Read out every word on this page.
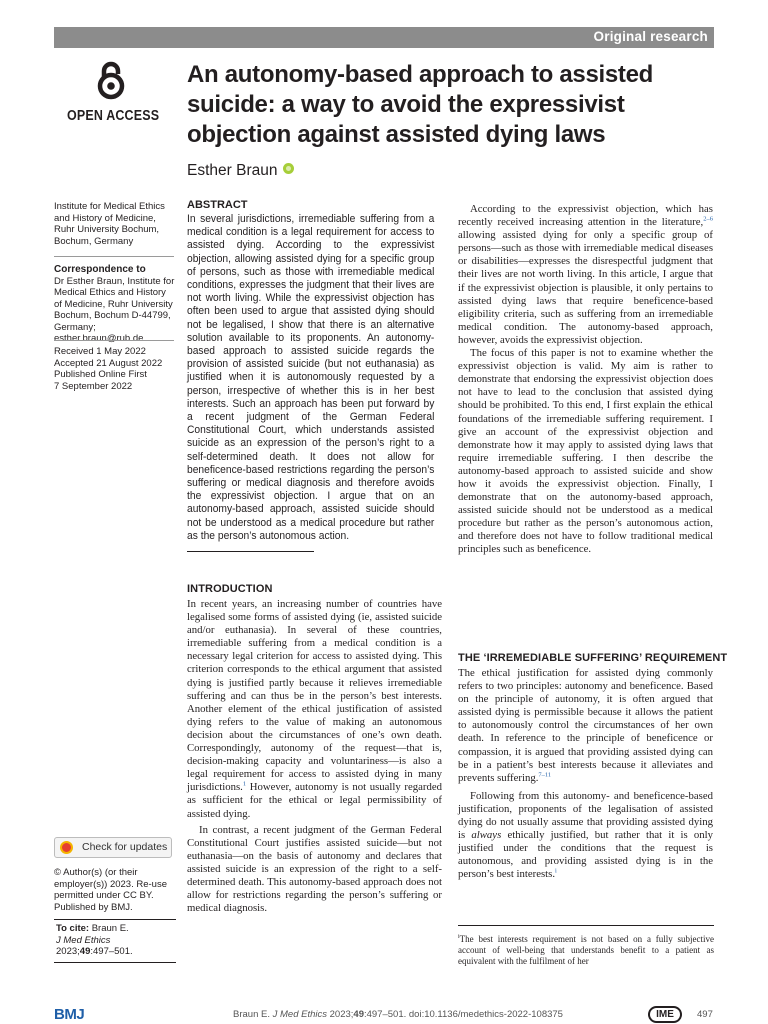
Original research
OPEN ACCESS
An autonomy-based approach to assisted suicide: a way to avoid the expressivist objection against assisted dying laws
Esther Braun
Institute for Medical Ethics and History of Medicine, Ruhr University Bochum, Bochum, Germany
Correspondence to
Dr Esther Braun, Institute for Medical Ethics and History of Medicine, Ruhr University Bochum, Bochum D-44799, Germany; esther.braun@rub.de
Received 1 May 2022
Accepted 21 August 2022
Published Online First
7 September 2022
Check for updates
© Author(s) (or their employer(s)) 2023. Re-use permitted under CC BY. Published by BMJ.
To cite: Braun E.
J Med Ethics
2023;49:497–501.
ABSTRACT
In several jurisdictions, irremediable suffering from a medical condition is a legal requirement for access to assisted dying. According to the expressivist objection, allowing assisted dying for a specific group of persons, such as those with irremediable medical conditions, expresses the judgment that their lives are not worth living. While the expressivist objection has often been used to argue that assisted dying should not be legalised, I show that there is an alternative solution available to its proponents. An autonomy-based approach to assisted suicide regards the provision of assisted suicide (but not euthanasia) as justified when it is autonomously requested by a person, irrespective of whether this is in her best interests. Such an approach has been put forward by a recent judgment of the German Federal Constitutional Court, which understands assisted suicide as an expression of the person’s right to a self-determined death. It does not allow for beneficence-based restrictions regarding the person’s suffering or medical diagnosis and therefore avoids the expressivist objection. I argue that on an autonomy-based approach, assisted suicide should not be understood as a medical procedure but rather as the person’s autonomous action.
INTRODUCTION

In recent years, an increasing number of countries have legalised some forms of assisted dying (ie, assisted suicide and/or euthanasia). In several of these countries, irremediable suffering from a medical condition is a necessary legal criterion for access to assisted dying. This criterion corresponds to the ethical argument that assisted dying is justified partly because it relieves irremediable suffering and can thus be in the person’s best interests. Another element of the ethical justification of assisted dying refers to the value of making an autonomous decision about the circumstances of one’s own death. Correspondingly, autonomy of the request—that is, decision-making capacity and voluntariness—is also a legal requirement for access to assisted dying in many jurisdictions.$^1$ However, autonomy is not usually regarded as sufficient for the ethical or legal permissibility of assisted dying.

In contrast, a recent judgment of the German Federal Constitutional Court justifies assisted suicide—but not euthanasia—on the basis of autonomy and declares that assisted suicide is an expression of the right to a self-determined death. This autonomy-based approach does not allow for restrictions regarding the person’s suffering or medical diagnosis.

According to the expressivist objection, which has recently received increasing attention in the literature,$^{2-6}$ allowing assisted dying for only a specific group of persons—such as those with irremediable medical diseases or disabilities—expresses the disrespectful judgment that their lives are not worth living. In this article, I argue that if the expressivist objection is plausible, it only pertains to assisted dying laws that require beneficence-based eligibility criteria, such as suffering from an irremediable medical condition. The autonomy-based approach, however, avoids the expressivist objection.

The focus of this paper is not to examine whether the expressivist objection is valid. My aim is rather to demonstrate that endorsing the expressivist objection does not have to lead to the conclusion that assisted dying should be prohibited. To this end, I first explain the ethical foundations of the irremediable suffering requirement. I give an account of the expressivist objection and demonstrate how it may apply to assisted dying laws that require irremediable suffering. I then describe the autonomy-based approach to assisted suicide and show how it avoids the expressivist objection. Finally, I demonstrate that on the autonomy-based approach, assisted suicide should not be understood as a medical procedure but rather as the person’s autonomous action, and therefore does not have to follow traditional medical principles such as beneficence.

THE ‘IRREMEDIABLE SUFFERING’ REQUIREMENT

The ethical justification for assisted dying commonly refers to two principles: autonomy and beneficence. Based on the principle of autonomy, it is often argued that assisted dying is permissible because it allows the patient to autonomously control the circumstances of her own death. In reference to the principle of beneficence or compassion, it is argued that providing assisted dying can be in a patient’s best interests because it alleviates and prevents suffering.$^{7-11}$

Following from this autonomy- and beneficence-based justification, proponents of the legalisation of assisted dying do not usually assume that providing assisted dying is always ethically justified, but rather that it is only justified under the conditions that the request is autonomous, and providing assisted dying is in the person’s best interests.$^i$

$^i$The best interests requirement is not based on a fully subjective account of well-being that understands benefit to a patient as equivalent with the fulfilment of her
BMJ	Braun E. J Med Ethics 2023;49:497–501. doi:10.1136/medethics-2022-108375	IME	497
